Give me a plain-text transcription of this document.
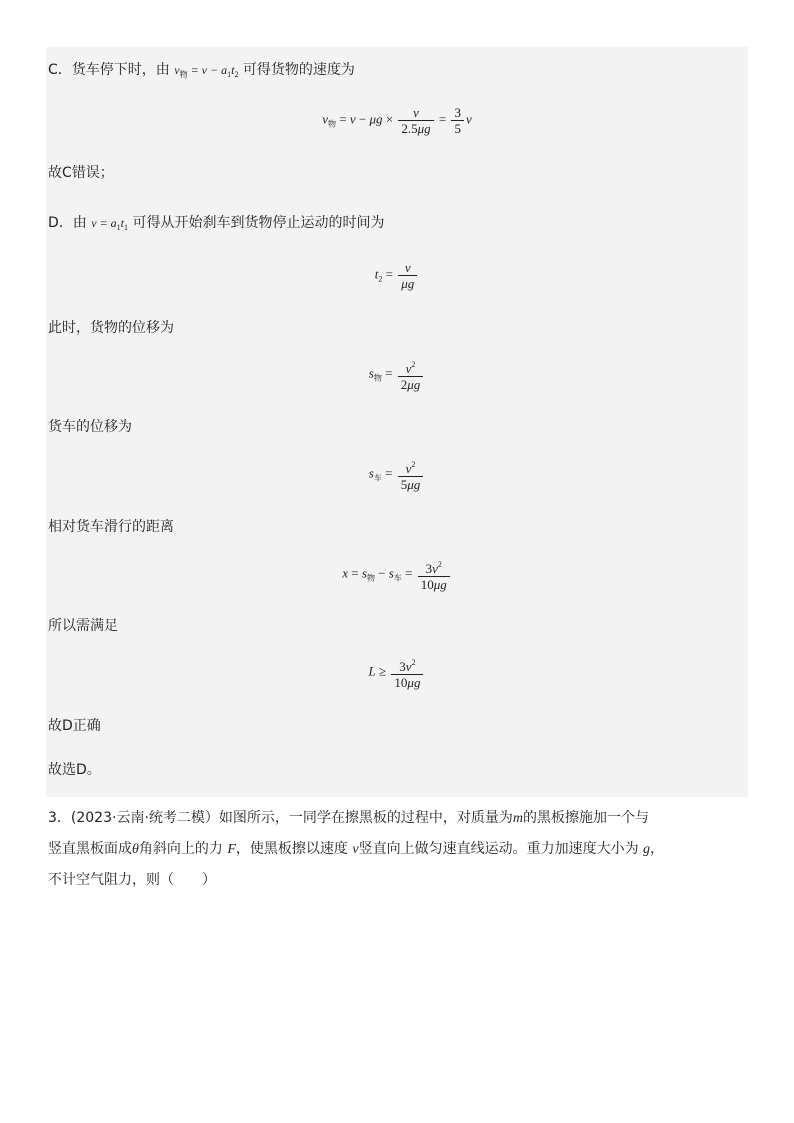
C．货车停下时，由 $v_物 = v - a_1t_2$ 可得货物的速度为
$v_物 = v - \mu g \times \frac{v}{2.5\mu g} = \frac{3}{5}$ v
故C错误；
D．由 $v = a_1t_1$ 可得从开始刹车到货物停止运动的时间为
$t_2 = \frac{v}{\mu g}$
此时，货物的位移为
$s_物 = \frac{v^2}{2\mu g}$
货车的位移为
$s_车 = \frac{v^2}{5\mu g}$
相对货车滑行的距离
$x = s_物 - s_车 = \frac{3v^2}{10\mu g}$
所以需满足
$L \ge \frac{3v^2}{10\mu g}$
故D正确
故选D。
3．(2023·云南·统考二模）如图所示，一同学在擦黑板的过程中，对质量为m的黑板擦施加一个与
竖直黑板面成θ角斜向上的力 F，使黑板擦以速度 v竖直向上做匀速直线运动。重力加速度大小为 g，
不计空气阻力，则（　　）
